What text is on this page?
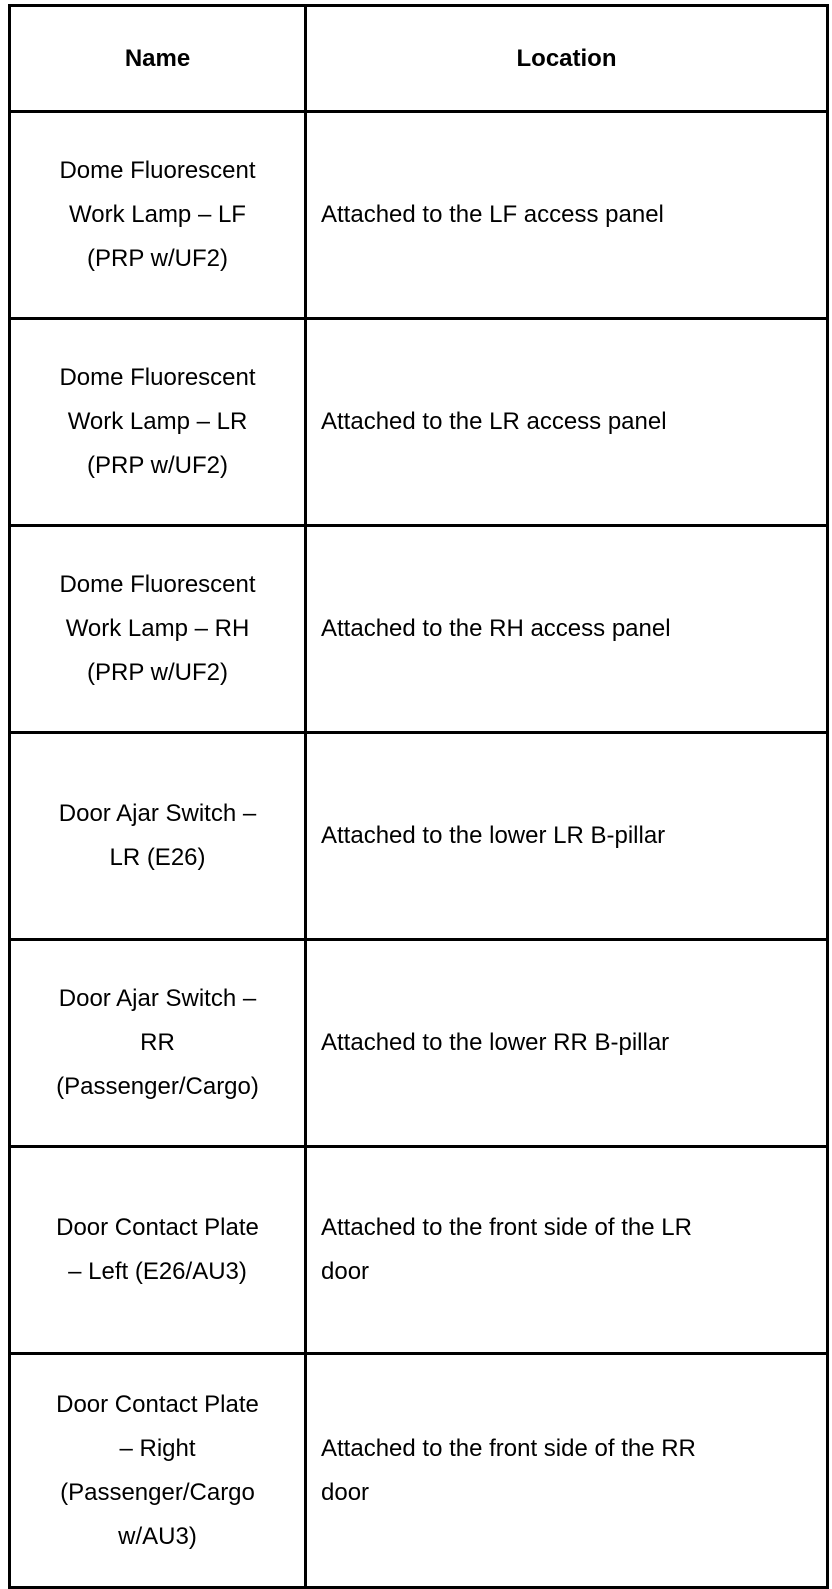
Name	Location

Dome Fluorescent
Work Lamp – LF
(PRP w/UF2)	Attached to the LF access panel

Dome Fluorescent
Work Lamp – LR
(PRP w/UF2)	Attached to the LR access panel

Dome Fluorescent
Work Lamp – RH
(PRP w/UF2)	Attached to the RH access panel

Door Ajar Switch –
LR (E26)	Attached to the lower LR B-pillar

Door Ajar Switch –
RR
(Passenger/Cargo)	Attached to the lower RR B-pillar

Door Contact Plate
– Left (E26/AU3)	Attached to the front side of the LR
door

Door Contact Plate
– Right
(Passenger/Cargo
w/AU3)	Attached to the front side of the RR
door
